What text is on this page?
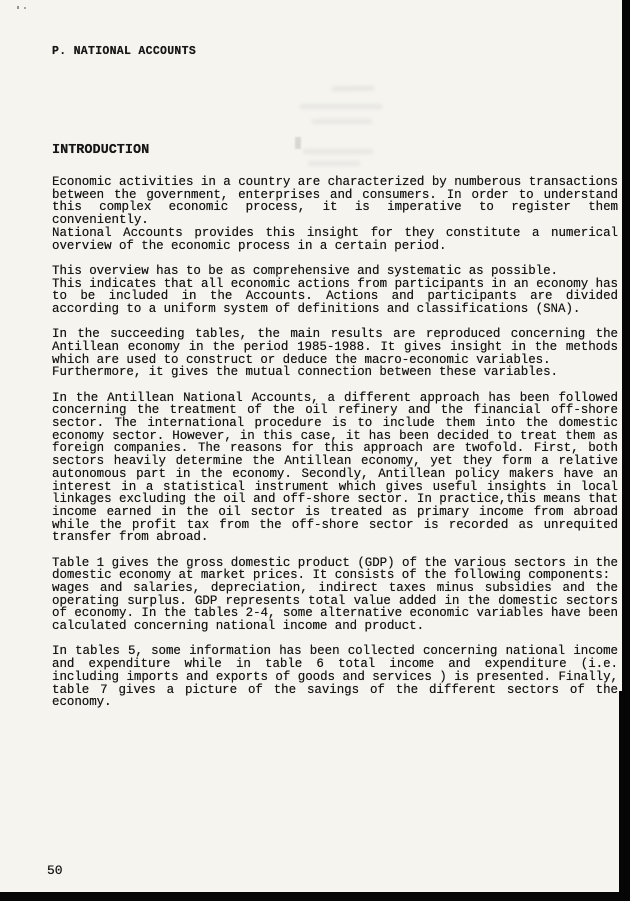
P. NATIONAL ACCOUNTS
INTRODUCTION
Economic activities in a country are characterized by numberous transactions between the government, enterprises and consumers. In order to understand this complex economic process, it is imperative to register them conveniently.
National Accounts provides this insight for they constitute a numerical overview of the economic process in a certain period.
This overview has to be as comprehensive and systematic as possible.
This indicates that all economic actions from participants in an economy has to be included in the Accounts. Actions and participants are divided according to a uniform system of definitions and classifications (SNA).
In the succeeding tables, the main results are reproduced concerning the Antillean economy in the period 1985-1988. It gives insight in the methods which are used to construct or deduce the macro-economic variables.
Furthermore, it gives the mutual connection between these variables.
In the Antillean National Accounts, a different approach has been followed concerning the treatment of the oil refinery and the financial off-shore sector. The international procedure is to include them into the domestic economy sector. However, in this case, it has been decided to treat them as foreign companies. The reasons for this approach are twofold. First, both sectors heavily determine the Antillean economy, yet they form a relative autonomous part in the economy. Secondly, Antillean policy makers have an interest in a statistical instrument which gives useful insights in local linkages excluding the oil and off-shore sector. In practice,this means that income earned in the oil sector is treated as primary income from abroad while the profit tax from the off-shore sector is recorded as unrequited transfer from abroad.
Table 1 gives the gross domestic product (GDP) of the various sectors in the domestic economy at market prices. It consists of the following components:
wages and salaries, depreciation, indirect taxes minus subsidies and the operating surplus. GDP represents total value added in the domestic sectors of economy. In the tables 2-4, some alternative economic variables have been calculated concerning national income and product.
In tables 5, some information has been collected concerning national income and expenditure while in table 6 total income and expenditure (i.e. including imports and exports of goods and services ) is presented. Finally, table 7 gives a picture of the savings of the different sectors of the economy.
50
